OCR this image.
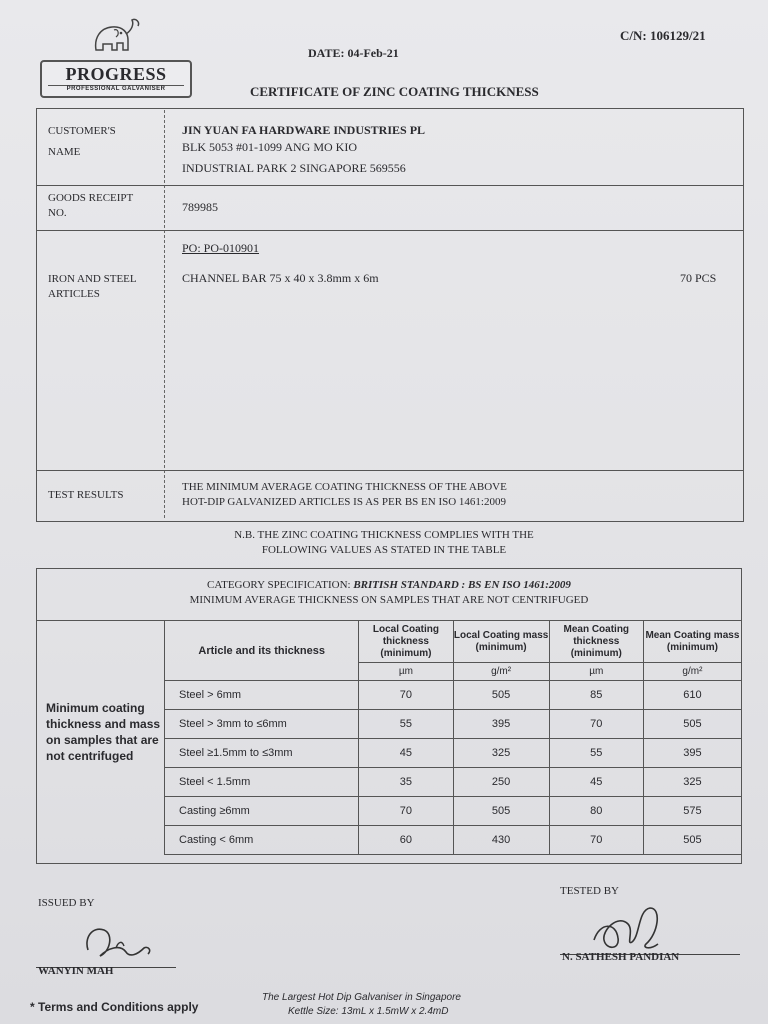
PROGRESS
PROFESSIONAL GALVANISER
DATE: 04-Feb-21
C/N: 106129/21
CERTIFICATE OF ZINC COATING THICKNESS
CUSTOMER'S
NAME
JIN YUAN FA HARDWARE INDUSTRIES PL
BLK 5053 #01-1099 ANG MO KIO
INDUSTRIAL PARK 2 SINGAPORE 569556
GOODS RECEIPT
NO.	789985
PO: PO-010901
IRON AND STEEL
ARTICLES
CHANNEL BAR 75 x 40 x 3.8mm x 6m	70 PCS
TEST RESULTS
THE MINIMUM AVERAGE COATING THICKNESS OF THE ABOVE
HOT-DIP GALVANIZED ARTICLES IS AS PER BS EN ISO 1461:2009
N.B. THE ZINC COATING THICKNESS COMPLIES WITH THE
FOLLOWING VALUES AS STATED IN THE TABLE
CATEGORY SPECIFICATION: BRITISH STANDARD : BS EN ISO 1461:2009
MINIMUM AVERAGE THICKNESS ON SAMPLES THAT ARE NOT CENTRIFUGED
Minimum coating thickness and mass on samples that are not centrifuged
Article and its thickness	Local Coating thickness (minimum)	Local Coating mass (minimum)	Mean Coating thickness (minimum)	Mean Coating mass (minimum)
	µm	g/m²	µm	g/m²
Steel > 6mm	70	505	85	610
Steel > 3mm to ≤6mm	55	395	70	505
Steel ≥1.5mm to ≤3mm	45	325	55	395
Steel < 1.5mm	35	250	45	325
Casting ≥6mm	70	505	80	575
Casting < 6mm	60	430	70	505
ISSUED BY
WANYIN MAH
TESTED BY
N. SATHESH PANDIAN
* Terms and Conditions apply
The Largest Hot Dip Galvaniser in Singapore
Kettle Size: 13mL x 1.5mW x 2.4mD
